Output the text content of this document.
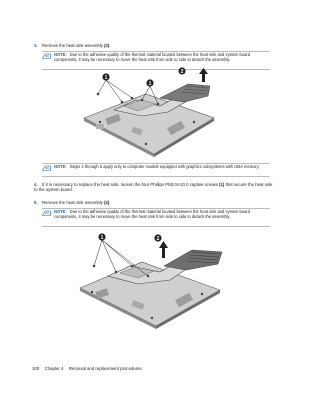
3. Remove the heat sink assembly (2).
NOTE: Due to the adhesive quality of the thermal material located between the heat sink and system board components, it may be necessary to move the heat sink from side to side to detach the assembly.
1
1
2
NOTE: Steps 4 through 6 apply only to computer models equipped with graphics subsystems with UMA memory.
4. If it is necessary to replace the heat sink, loosen the four Phillips PM2.5×10.0 captive screws (1) that secure the heat sink to the system board.
5. Remove the heat sink assembly (2).
NOTE: Due to the adhesive quality of the thermal material located between the heat sink and system board components, it may be necessary to move the heat sink from side to side to detach the assembly.
1	2
100 Chapter 4 Removal and replacement procedures
